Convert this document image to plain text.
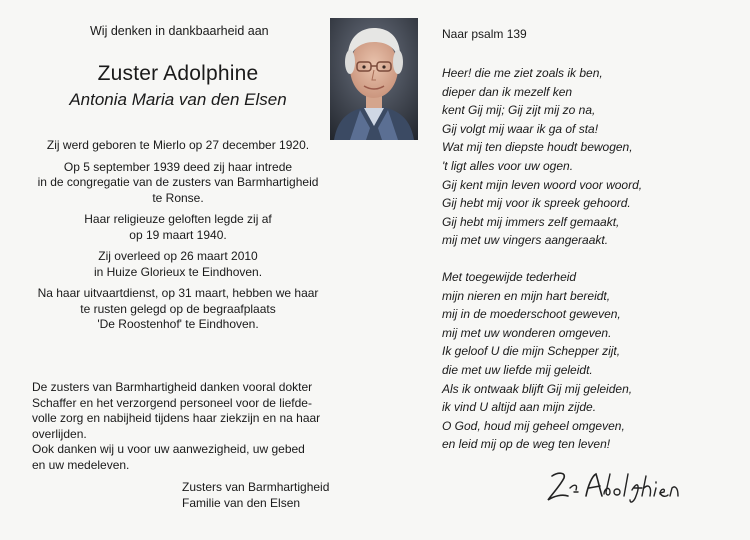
Wij denken in dankbaarheid aan
Zuster Adolphine
Antonia Maria van den Elsen

Zij werd geboren te Mierlo op 27 december 1920.

Op 5 september 1939 deed zij haar intrede
in de congregatie van de zusters van Barmhartigheid
te Ronse.

Haar religieuze geloften legde zij af
op 19 maart 1940.

Zij overleed op 26 maart 2010
in Huize Glorieux te Eindhoven.

Na haar uitvaartdienst, op 31 maart, hebben we haar
te rusten gelegd op de begraafplaats
'De Roostenhof' te Eindhoven.

De zusters van Barmhartigheid danken vooral dokter

Schaffer en het verzorgend personeel voor de liefde-

volle zorg en nabijheid tijdens haar ziekzijn en na haar

overlijden.

Ook danken wij u voor uw aanwezigheid, uw gebed

en uw medeleven.

Zusters van Barmhartigheid
Familie van den Elsen
Naar psalm 139
Heer! die me ziet zoals ik ben,
dieper dan ik mezelf ken
kent Gij mij; Gij zijt mij zo na,
Gij volgt mij waar ik ga of sta!
Wat mij ten diepste houdt bewogen,
't ligt alles voor uw ogen.
Gij kent mijn leven woord voor woord,
Gij hebt mij voor ik spreek gehoord.
Gij hebt mij immers zelf gemaakt,
mij met uw vingers aangeraakt.
Met toegewijde tederheid
mijn nieren en mijn hart bereidt,
mij in de moederschoot geweven,
mij met uw wonderen omgeven.
Ik geloof U die mijn Schepper zijt,
die met uw liefde mij geleidt.
Als ik ontwaak blijft Gij mij geleiden,
ik vind U altijd aan mijn zijde.
O God, houd mij geheel omgeven,
en leid mij op de weg ten leven!
